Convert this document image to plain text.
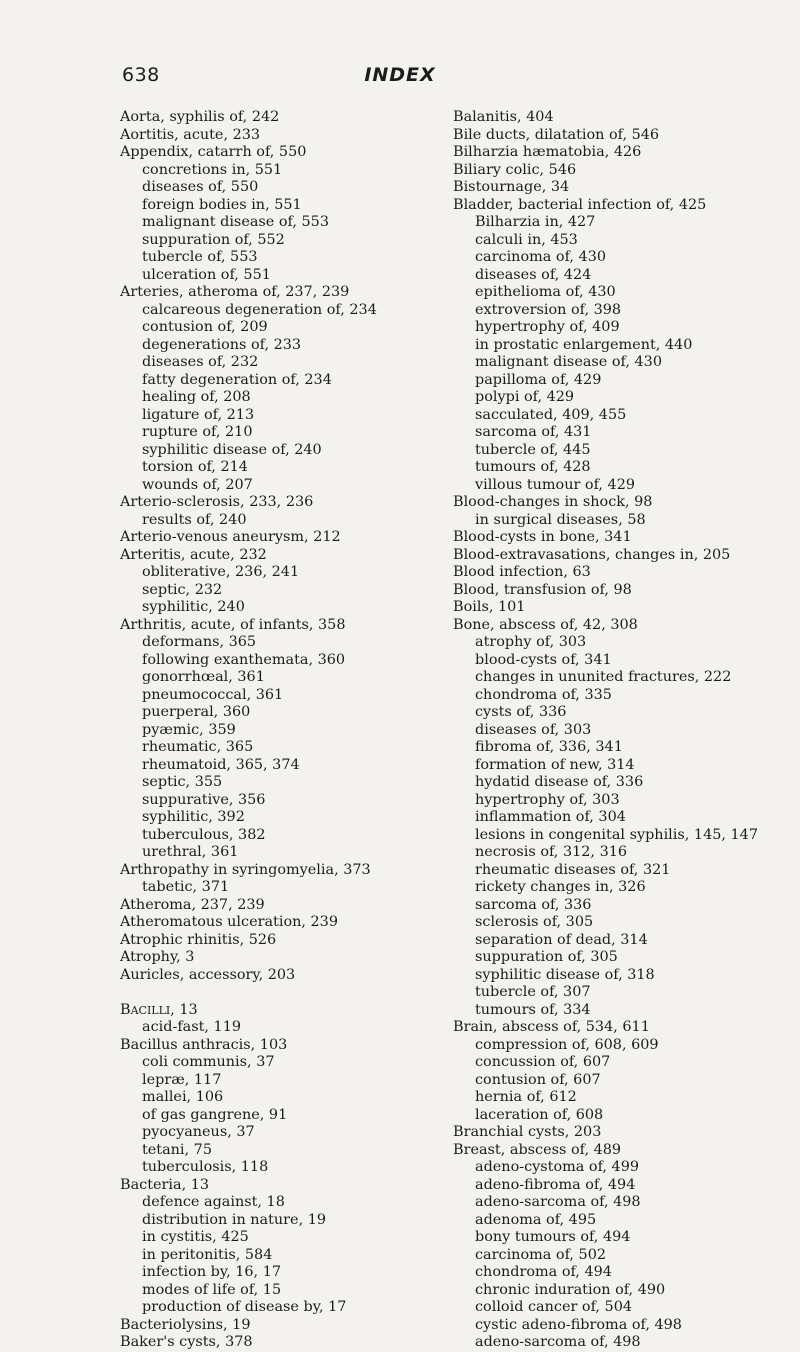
638	INDEX
Aorta, syphilis of, 242
Aortitis, acute, 233
Appendix, catarrh of, 550
concretions in, 551
diseases of, 550
foreign bodies in, 551
malignant disease of, 553
suppuration of, 552
tubercle of, 553
ulceration of, 551
Arteries, atheroma of, 237, 239
calcareous degeneration of, 234
contusion of, 209
degenerations of, 233
diseases of, 232
fatty degeneration of, 234
healing of, 208
ligature of, 213
rupture of, 210
syphilitic disease of, 240
torsion of, 214
wounds of, 207
Arterio-sclerosis, 233, 236
results of, 240
Arterio-venous aneurysm, 212
Arteritis, acute, 232
obliterative, 236, 241
septic, 232
syphilitic, 240
Arthritis, acute, of infants, 358
deformans, 365
following exanthemata, 360
gonorrhœal, 361
pneumococcal, 361
puerperal, 360
pyæmic, 359
rheumatic, 365
rheumatoid, 365, 374
septic, 355
suppurative, 356
syphilitic, 392
tuberculous, 382
urethral, 361
Arthropathy in syringomyelia, 373
tabetic, 371
Atheroma, 237, 239
Atheromatous ulceration, 239
Atrophic rhinitis, 526
Atrophy, 3
Auricles, accessory, 203
BACILLI, 13
acid-fast, 119
Bacillus anthracis, 103
coli communis, 37
lepræ, 117
mallei, 106
of gas gangrene, 91
pyocyaneus, 37
tetani, 75
tuberculosis, 118
Bacteria, 13
defence against, 18
distribution in nature, 19
in cystitis, 425
in peritonitis, 584
infection by, 16, 17
modes of life of, 15
production of disease by, 17
Bacteriolysins, 19
Baker's cysts, 378
Balanitis, 404
Bile ducts, dilatation of, 546
Bilharzia hæmatobia, 426
Biliary colic, 546
Bistournage, 34
Bladder, bacterial infection of, 425
Bilharzia in, 427
calculi in, 453
carcinoma of, 430
diseases of, 424
epithelioma of, 430
extroversion of, 398
hypertrophy of, 409
in prostatic enlargement, 440
malignant disease of, 430
papilloma of, 429
polypi of, 429
sacculated, 409, 455
sarcoma of, 431
tubercle of, 445
tumours of, 428
villous tumour of, 429
Blood-changes in shock, 98
in surgical diseases, 58
Blood-cysts in bone, 341
Blood-extravasations, changes in, 205
Blood infection, 63
Blood, transfusion of, 98
Boils, 101
Bone, abscess of, 42, 308
atrophy of, 303
blood-cysts of, 341
changes in ununited fractures, 222
chondroma of, 335
cysts of, 336
diseases of, 303
fibroma of, 336, 341
formation of new, 314
hydatid disease of, 336
hypertrophy of, 303
inflammation of, 304
lesions in congenital syphilis, 145, 147
necrosis of, 312, 316
rheumatic diseases of, 321
rickety changes in, 326
sarcoma of, 336
sclerosis of, 305
separation of dead, 314
suppuration of, 305
syphilitic disease of, 318
tubercle of, 307
tumours of, 334
Brain, abscess of, 534, 611
compression of, 608, 609
concussion of, 607
contusion of, 607
hernia of, 612
laceration of, 608
Branchial cysts, 203
Breast, abscess of, 489
adeno-cystoma of, 499
adeno-fibroma of, 494
adeno-sarcoma of, 498
adenoma of, 495
bony tumours of, 494
carcinoma of, 502
chondroma of, 494
chronic induration of, 490
colloid cancer of, 504
cystic adeno-fibroma of, 498
adeno-sarcoma of, 498
